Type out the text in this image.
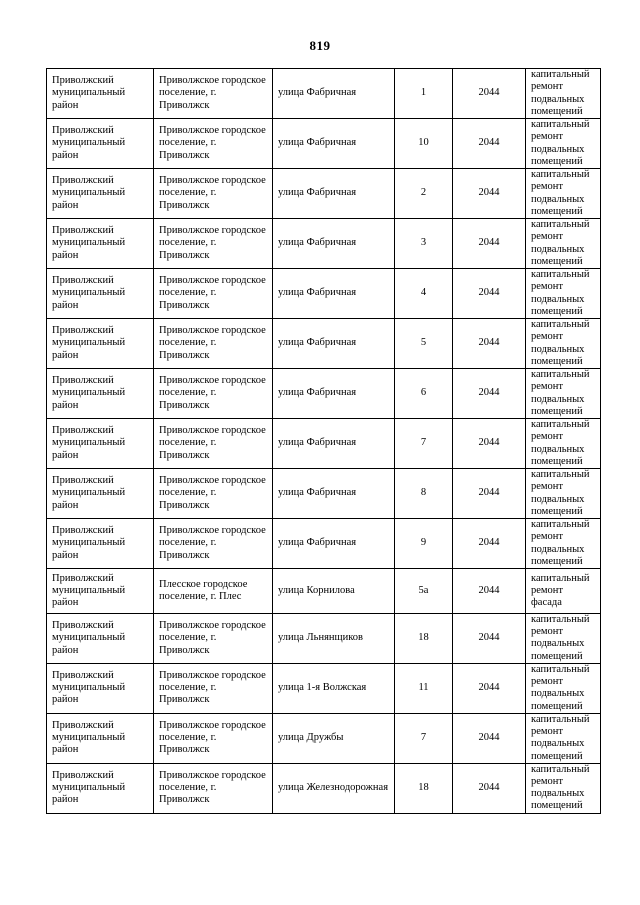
819
Приволжский муниципальный район	Приволжское городское поселение, г. Приволжск	улица Фабричная	1	2044	капитальный ремонт подвальных помещений
Приволжский муниципальный район	Приволжское городское поселение, г. Приволжск	улица Фабричная	10	2044	капитальный ремонт подвальных помещений
Приволжский муниципальный район	Приволжское городское поселение, г. Приволжск	улица Фабричная	2	2044	капитальный ремонт подвальных помещений
Приволжский муниципальный район	Приволжское городское поселение, г. Приволжск	улица Фабричная	3	2044	капитальный ремонт подвальных помещений
Приволжский муниципальный район	Приволжское городское поселение, г. Приволжск	улица Фабричная	4	2044	капитальный ремонт подвальных помещений
Приволжский муниципальный район	Приволжское городское поселение, г. Приволжск	улица Фабричная	5	2044	капитальный ремонт подвальных помещений
Приволжский муниципальный район	Приволжское городское поселение, г. Приволжск	улица Фабричная	6	2044	капитальный ремонт подвальных помещений
Приволжский муниципальный район	Приволжское городское поселение, г. Приволжск	улица Фабричная	7	2044	капитальный ремонт подвальных помещений
Приволжский муниципальный район	Приволжское городское поселение, г. Приволжск	улица Фабричная	8	2044	капитальный ремонт подвальных помещений
Приволжский муниципальный район	Приволжское городское поселение, г. Приволжск	улица Фабричная	9	2044	капитальный ремонт подвальных помещений
Приволжский муниципальный район	Плесское городское поселение, г. Плес	улица Корнилова	5а	2044	капитальный ремонт фасада
Приволжский муниципальный район	Приволжское городское поселение, г. Приволжск	улица Льнянщиков	18	2044	капитальный ремонт подвальных помещений
Приволжский муниципальный район	Приволжское городское поселение, г. Приволжск	улица 1-я Волжская	11	2044	капитальный ремонт подвальных помещений
Приволжский муниципальный район	Приволжское городское поселение, г. Приволжск	улица Дружбы	7	2044	капитальный ремонт подвальных помещений
Приволжский муниципальный район	Приволжское городское поселение, г. Приволжск	улица Железнодорожная	18	2044	капитальный ремонт подвальных помещений
